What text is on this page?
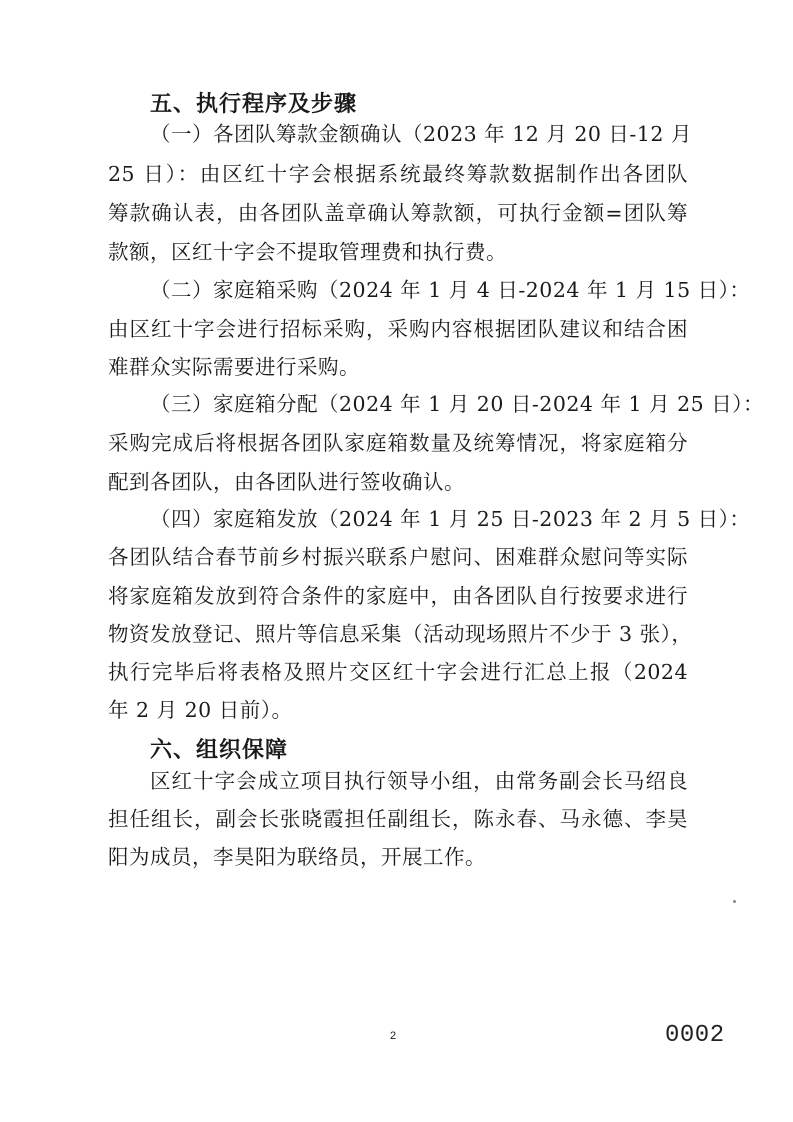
五、执行程序及步骤
（一）各团队筹款金额确认（2023 年 12 月 20 日-12 月
25 日）：由区红十字会根据系统最终筹款数据制作出各团队
筹款确认表，由各团队盖章确认筹款额，可执行金额=团队筹
款额，区红十字会不提取管理费和执行费。
（二）家庭箱采购（2024 年 1 月 4 日-2024 年 1 月 15 日）：
由区红十字会进行招标采购，采购内容根据团队建议和结合困
难群众实际需要进行采购。
（三）家庭箱分配（2024 年 1 月 20 日-2024 年 1 月 25 日）：
采购完成后将根据各团队家庭箱数量及统筹情况，将家庭箱分
配到各团队，由各团队进行签收确认。
（四）家庭箱发放（2024 年 1 月 25 日-2023 年 2 月 5 日）：
各团队结合春节前乡村振兴联系户慰问、困难群众慰问等实际
将家庭箱发放到符合条件的家庭中，由各团队自行按要求进行
物资发放登记、照片等信息采集（活动现场照片不少于 3 张），
执行完毕后将表格及照片交区红十字会进行汇总上报（2024
年 2 月 20 日前）。
六、组织保障
区红十字会成立项目执行领导小组，由常务副会长马绍良
担任组长，副会长张晓霞担任副组长，陈永春、马永德、李昊
阳为成员，李昊阳为联络员，开展工作。
2	0002
